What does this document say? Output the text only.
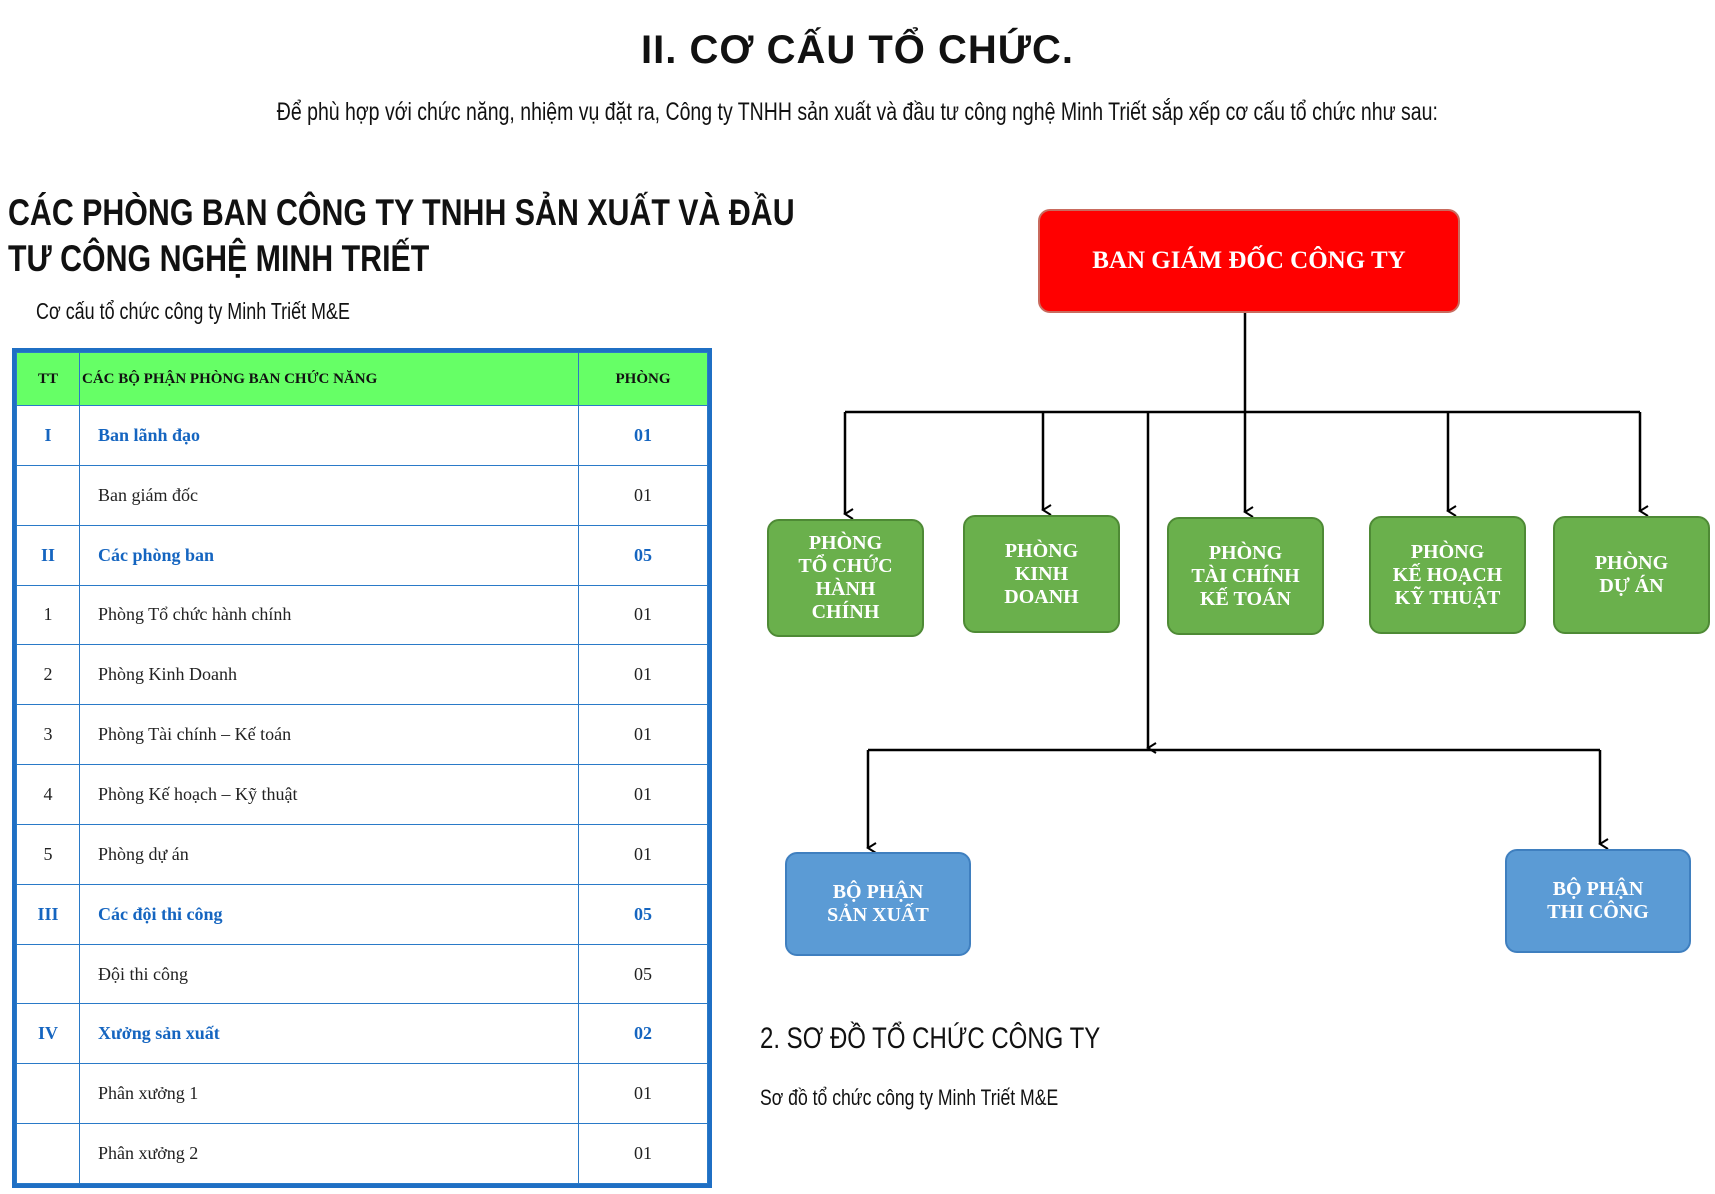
II. CƠ CẤU TỔ CHỨC.
Để phù hợp với chức năng, nhiệm vụ đặt ra, Công ty TNHH sản xuất và đầu tư công nghệ Minh Triết sắp xếp cơ cấu tổ chức như sau:
CÁC PHÒNG BAN CÔNG TY TNHH SẢN XUẤT VÀ ĐẦU
TƯ CÔNG NGHỆ MINH TRIẾT
Cơ cấu tổ chức công ty Minh Triết M&E
TT	CÁC BỘ PHẬN PHÒNG BAN CHỨC NĂNG	PHÒNG
I	Ban lãnh đạo	01
	Ban giám đốc	01
II	Các phòng ban	05
1	Phòng Tổ chức hành chính	01
2	Phòng Kinh Doanh	01
3	Phòng Tài chính – Kế toán	01
4	Phòng Kế hoạch – Kỹ thuật	01
5	Phòng dự án	01
III	Các đội thi công	05
	Đội thi công	05
IV	Xưởng sản xuất	02
	Phân xưởng 1	01
	Phân xưởng 2	01
BAN GIÁM ĐỐC CÔNG TY
PHÒNG
TỔ CHỨC
HÀNH
CHÍNH
PHÒNG
KINH
DOANH
PHÒNG
TÀI CHÍNH
KẾ TOÁN
PHÒNG
KẾ HOẠCH
KỸ THUẬT
PHÒNG
DỰ ÁN
BỘ PHẬN
SẢN XUẤT
BỘ PHẬN
THI CÔNG
2. SƠ ĐỒ TỔ CHỨC CÔNG TY
Sơ đồ tổ chức công ty Minh Triết M&E
